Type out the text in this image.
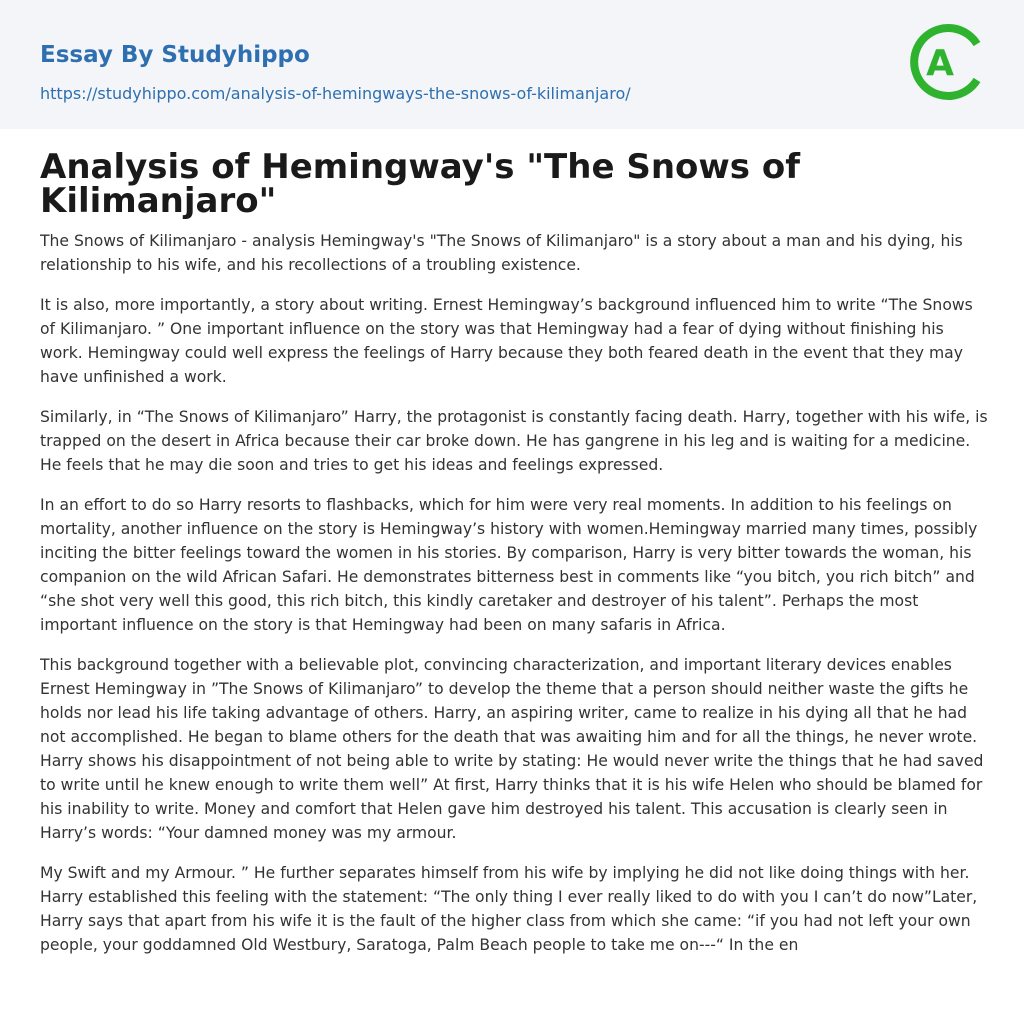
Essay By Studyhippo
https://studyhippo.com/analysis-of-hemingways-the-snows-of-kilimanjaro/
A
Analysis of Hemingway's "The Snows of Kilimanjaro"

The Snows of Kilimanjaro - analysis Hemingway's "The Snows of Kilimanjaro" is a story about a man and his dying, his relationship to his wife, and his recollections of a troubling existence.

It is also, more importantly, a story about writing. Ernest Hemingway’s background influenced him to write “The Snows of Kilimanjaro. ” One important influence on the story was that Hemingway had a fear of dying without finishing his work. Hemingway could well express the feelings of Harry because they both feared death in the event that they may have unfinished a work.

Similarly, in “The Snows of Kilimanjaro” Harry, the protagonist is constantly facing death. Harry, together with his wife, is trapped on the desert in Africa because their car broke down. He has gangrene in his leg and is waiting for a medicine. He feels that he may die soon and tries to get his ideas and feelings expressed.

In an effort to do so Harry resorts to flashbacks, which for him were very real moments. In addition to his feelings on mortality, another influence on the story is Hemingway’s history with women.Hemingway married many times, possibly inciting the bitter feelings toward the women in his stories. By comparison, Harry is very bitter towards the woman, his companion on the wild African Safari. He demonstrates bitterness best in comments like “you bitch, you rich bitch” and “she shot very well this good, this rich bitch, this kindly caretaker and destroyer of his talent”. Perhaps the most important influence on the story is that Hemingway had been on many safaris in Africa.

This background together with a believable plot, convincing characterization, and important literary devices enables Ernest Hemingway in ”The Snows of Kilimanjaro” to develop the theme that a person should neither waste the gifts he holds nor lead his life taking advantage of others. Harry, an aspiring writer, came to realize in his dying all that he had not accomplished. He began to blame others for the death that was awaiting him and for all the things, he never wrote. Harry shows his disappointment of not being able to write by stating: He would never write the things that he had saved to write until he knew enough to write them well” At first, Harry thinks that it is his wife Helen who should be blamed for his inability to write. Money and comfort that Helen gave him destroyed his talent. This accusation is clearly seen in Harry’s words: “Your damned money was my armour.

My Swift and my Armour. ” He further separates himself from his wife by implying he did not like doing things with her. Harry established this feeling with the statement: “The only thing I ever really liked to do with you I can’t do now”Later, Harry says that apart from his wife it is the fault of the higher class from which she came: “if you had not left your own people, your goddamned Old Westbury, Saratoga, Palm Beach people to take me on---“ In the en
